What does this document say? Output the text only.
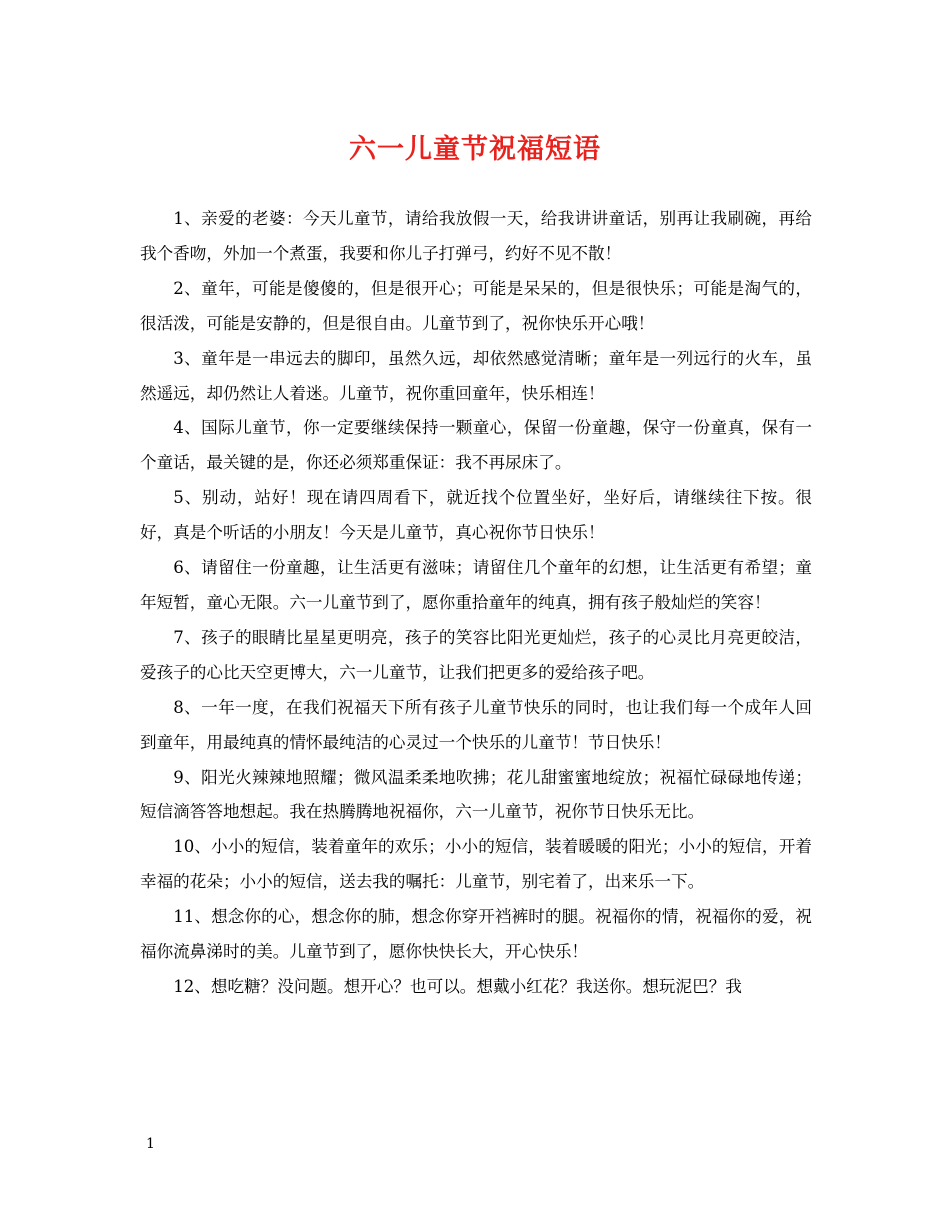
六一儿童节祝福短语

1、亲爱的老婆：今天儿童节，请给我放假一天，给我讲讲童话，别再让我刷碗，再给我个香吻，外加一个煮蛋，我要和你儿子打弹弓，约好不见不散！

2、童年，可能是傻傻的，但是很开心；可能是呆呆的，但是很快乐；可能是淘气的，很活泼，可能是安静的，但是很自由。儿童节到了，祝你快乐开心哦！

3、童年是一串远去的脚印，虽然久远，却依然感觉清晰；童年是一列远行的火车，虽然遥远，却仍然让人着迷。儿童节，祝你重回童年，快乐相连！

4、国际儿童节，你一定要继续保持一颗童心，保留一份童趣，保守一份童真，保有一个童话，最关键的是，你还必须郑重保证：我不再尿床了。

5、别动，站好！现在请四周看下，就近找个位置坐好，坐好后，请继续往下按。很好，真是个听话的小朋友！今天是儿童节，真心祝你节日快乐！

6、请留住一份童趣，让生活更有滋味；请留住几个童年的幻想，让生活更有希望；童年短暂，童心无限。六一儿童节到了，愿你重拾童年的纯真，拥有孩子般灿烂的笑容！

7、孩子的眼睛比星星更明亮，孩子的笑容比阳光更灿烂，孩子的心灵比月亮更皎洁，爱孩子的心比天空更博大，六一儿童节，让我们把更多的爱给孩子吧。

8、一年一度，在我们祝福天下所有孩子儿童节快乐的同时，也让我们每一个成年人回到童年，用最纯真的情怀最纯洁的心灵过一个快乐的儿童节！节日快乐！

9、阳光火辣辣地照耀；微风温柔柔地吹拂；花儿甜蜜蜜地绽放；祝福忙碌碌地传递；短信滴答答地想起。我在热腾腾地祝福你，六一儿童节，祝你节日快乐无比。

10、小小的短信，装着童年的欢乐；小小的短信，装着暖暖的阳光；小小的短信，开着幸福的花朵；小小的短信，送去我的嘱托：儿童节，别宅着了，出来乐一下。

11、想念你的心，想念你的肺，想念你穿开裆裤时的腿。祝福你的情，祝福你的爱，祝福你流鼻涕时的美。儿童节到了，愿你快快长大，开心快乐！

12、想吃糖？没问题。想开心？也可以。想戴小红花？我送你。想玩泥巴？我

1
